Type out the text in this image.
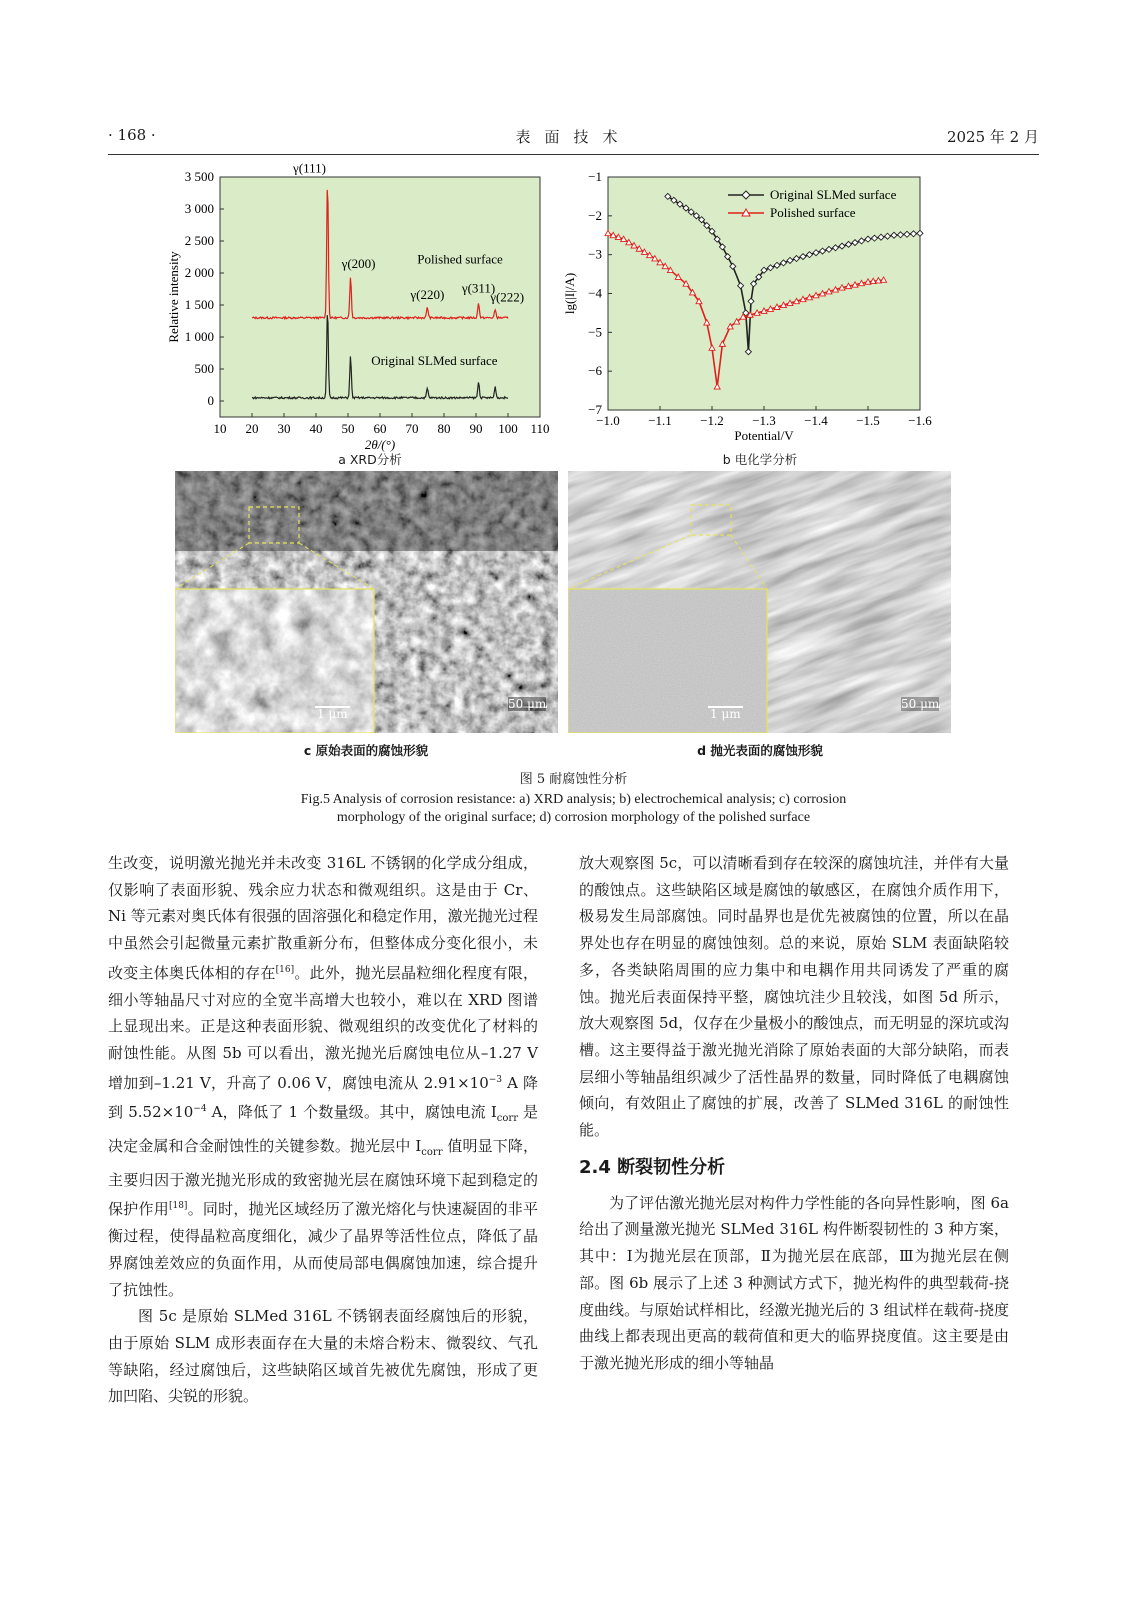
· 168 ·	表面技术	2025 年 2 月
10 20 30 40 50 60 70 80 90 100 110
0
500
1 000
1 500
2 000
2 500
3 000
3 500
2θ/(°)
Relative intensity
γ(111)
γ(200)
γ(220) γ(311)
γ(222)
Polished surface
Original SLMed surface
a XRD分析
−1.0 −1.1 −1.2 −1.3 −1.4 −1.5 −1.6
−7
−6
−5
−4
−3
−2
−1
Potential/V
lg(|I|/A)
Original SLMed surface
Polished surface
b 电化学分析
1 μm
50 μm
c 原始表面的腐蚀形貌
1 μm
50 μm
d 抛光表面的腐蚀形貌
图 5 耐腐蚀性分析
Fig.5 Analysis of corrosion resistance: a) XRD analysis; b) electrochemical analysis; c) corrosion
morphology of the original surface; d) corrosion morphology of the polished surface

生改变，说明激光抛光并未改变 316L 不锈钢的化学成分组成，仅影响了表面形貌、残余应力状态和微观组织。这是由于 Cr、Ni 等元素对奥氏体有很强的固溶强化和稳定作用，激光抛光过程中虽然会引起微量元素扩散重新分布，但整体成分变化很小，未改变主体奥氏体相的存在[16]。此外，抛光层晶粒细化程度有限，细小等轴晶尺寸对应的全宽半高增大也较小，难以在 XRD 图谱上显现出来。正是这种表面形貌、微观组织的改变优化了材料的耐蚀性能。从图 5b 可以看出，激光抛光后腐蚀电位从–1.27 V 增加到–1.21 V，升高了 0.06 V，腐蚀电流从 $2.91\times 10^{-3}$ A 降到 $5.52\times 10^{-4}$ A，降低了 1 个数量级。其中，腐蚀电流 $I_{corr}$ 是决定金属和合金耐蚀性的关键参数。抛光层中 $I_{corr}$ 值明显下降，主要归因于激光抛光形成的致密抛光层在腐蚀环境下起到稳定的保护作用[18]。同时，抛光区域经历了激光熔化与快速凝固的非平衡过程，使得晶粒高度细化，减少了晶界等活性位点，降低了晶界腐蚀差效应的负面作用，从而使局部电偶腐蚀加速，综合提升了抗蚀性。

图 5c 是原始 SLMed 316L 不锈钢表面经腐蚀后的形貌，由于原始 SLM 成形表面存在大量的未熔合粉末、微裂纹、气孔等缺陷，经过腐蚀后，这些缺陷区域首先被优先腐蚀，形成了更加凹陷、尖锐的形貌。

放大观察图 5c，可以清晰看到存在较深的腐蚀坑洼，并伴有大量的酸蚀点。这些缺陷区域是腐蚀的敏感区，在腐蚀介质作用下，极易发生局部腐蚀。同时晶界也是优先被腐蚀的位置，所以在晶界处也存在明显的腐蚀蚀刻。总的来说，原始 SLM 表面缺陷较多，各类缺陷周围的应力集中和电耦作用共同诱发了严重的腐蚀。抛光后表面保持平整，腐蚀坑洼少且较浅，如图 5d 所示，放大观察图 5d，仅存在少量极小的酸蚀点，而无明显的深坑或沟槽。这主要得益于激光抛光消除了原始表面的大部分缺陷，而表层细小等轴晶组织减少了活性晶界的数量，同时降低了电耦腐蚀倾向，有效阻止了腐蚀的扩展，改善了 SLMed 316L 的耐蚀性能。

2.4 断裂韧性分析

为了评估激光抛光层对构件力学性能的各向异性影响，图 6a 给出了测量激光抛光 SLMed 316L 构件断裂韧性的 3 种方案，其中：Ⅰ为抛光层在顶部，Ⅱ为抛光层在底部，Ⅲ为抛光层在侧部。图 6b 展示了上述 3 种测试方式下，抛光构件的典型载荷-挠度曲线。与原始试样相比，经激光抛光后的 3 组试样在载荷-挠度曲线上都表现出更高的载荷值和更大的临界挠度值。这主要是由于激光抛光形成的细小等轴晶
